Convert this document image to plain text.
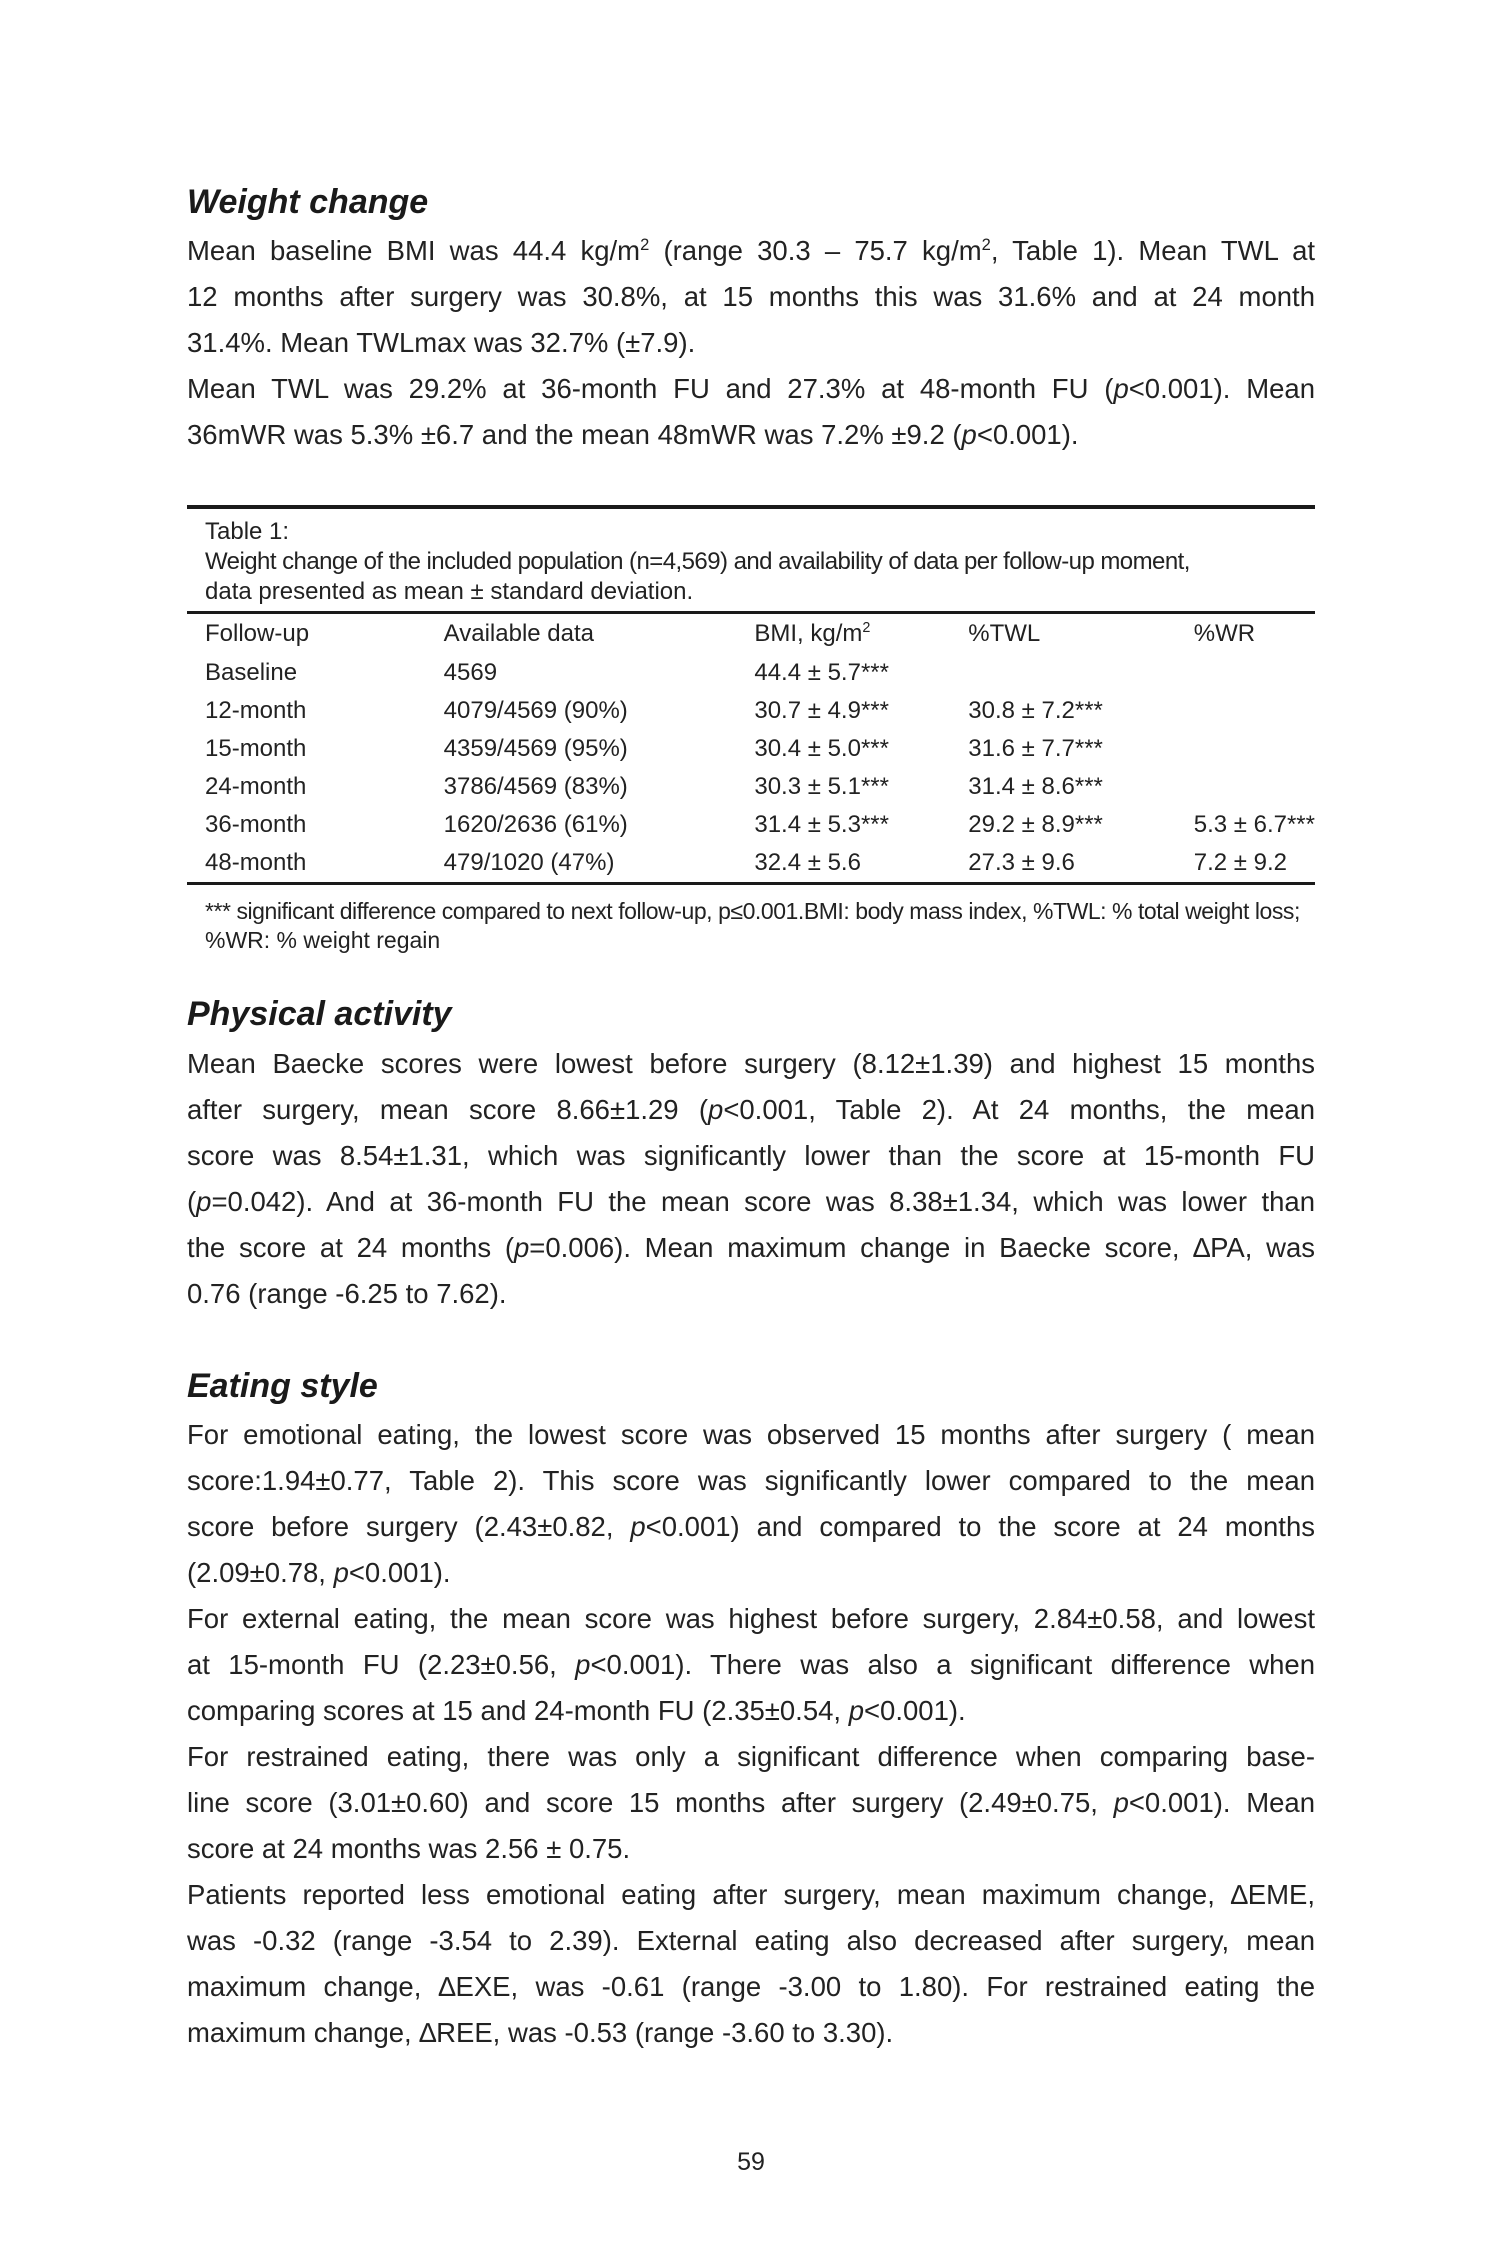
Weight change
Mean baseline BMI was 44.4 $kg/m^2$ (range 30.3 – 75.7 $kg/m^2$, Table 1). Mean TWL at
12 months after surgery was 30.8%, at 15 months this was 31.6% and at 24 month
31.4%. Mean TWLmax was 32.7% (±7.9).
Mean TWL was 29.2% at 36-month FU and 27.3% at 48-month FU (p<0.001). Mean
36mWR was 5.3% ±6.7 and the mean 48mWR was 7.2% ±9.2 (p<0.001).
Table 1:
Weight change of the included population (n=4,569) and availability of data per follow-up moment,
data presented as mean ± standard deviation.
Follow-up	Available data	BMI, $kg/m^2$	%TWL	%WR
Baseline	4569	44.4 ± 5.7***		
12-month	4079/4569 (90%)	30.7 ± 4.9***	30.8 ± 7.2***	
15-month	4359/4569 (95%)	30.4 ± 5.0***	31.6 ± 7.7***	
24-month	3786/4569 (83%)	30.3 ± 5.1***	31.4 ± 8.6***	
36-month	1620/2636 (61%)	31.4 ± 5.3***	29.2 ± 8.9***	5.3 ± 6.7***
48-month	479/1020 (47%)	32.4 ± 5.6	27.3 ± 9.6	7.2 ± 9.2
*** significant difference compared to next follow-up, p≤0.001.BMI: body mass index, %TWL: % total weight loss;
%WR: % weight regain
Physical activity
Mean Baecke scores were lowest before surgery (8.12±1.39) and highest 15 months
after surgery, mean score 8.66±1.29 (p<0.001, Table 2). At 24 months, the mean
score was 8.54±1.31, which was significantly lower than the score at 15-month FU
(p=0.042). And at 36-month FU the mean score was 8.38±1.34, which was lower than
the score at 24 months (p=0.006). Mean maximum change in Baecke score, ∆PA, was
0.76 (range -6.25 to 7.62).
Eating style
For emotional eating, the lowest score was observed 15 months after surgery ( mean
score:1.94±0.77, Table 2). This score was significantly lower compared to the mean
score before surgery (2.43±0.82, p<0.001) and compared to the score at 24 months
(2.09±0.78, p<0.001).
For external eating, the mean score was highest before surgery, 2.84±0.58, and lowest
at 15-month FU (2.23±0.56, p<0.001). There was also a significant difference when
comparing scores at 15 and 24-month FU (2.35±0.54, p<0.001).
For restrained eating, there was only a significant difference when comparing base-
line score (3.01±0.60) and score 15 months after surgery (2.49±0.75, p<0.001). Mean
score at 24 months was 2.56 ± 0.75.
Patients reported less emotional eating after surgery, mean maximum change, ∆EME,
was -0.32 (range -3.54 to 2.39). External eating also decreased after surgery, mean
maximum change, ∆EXE, was -0.61 (range -3.00 to 1.80). For restrained eating the
maximum change, ∆REE, was -0.53 (range -3.60 to 3.30).
59
